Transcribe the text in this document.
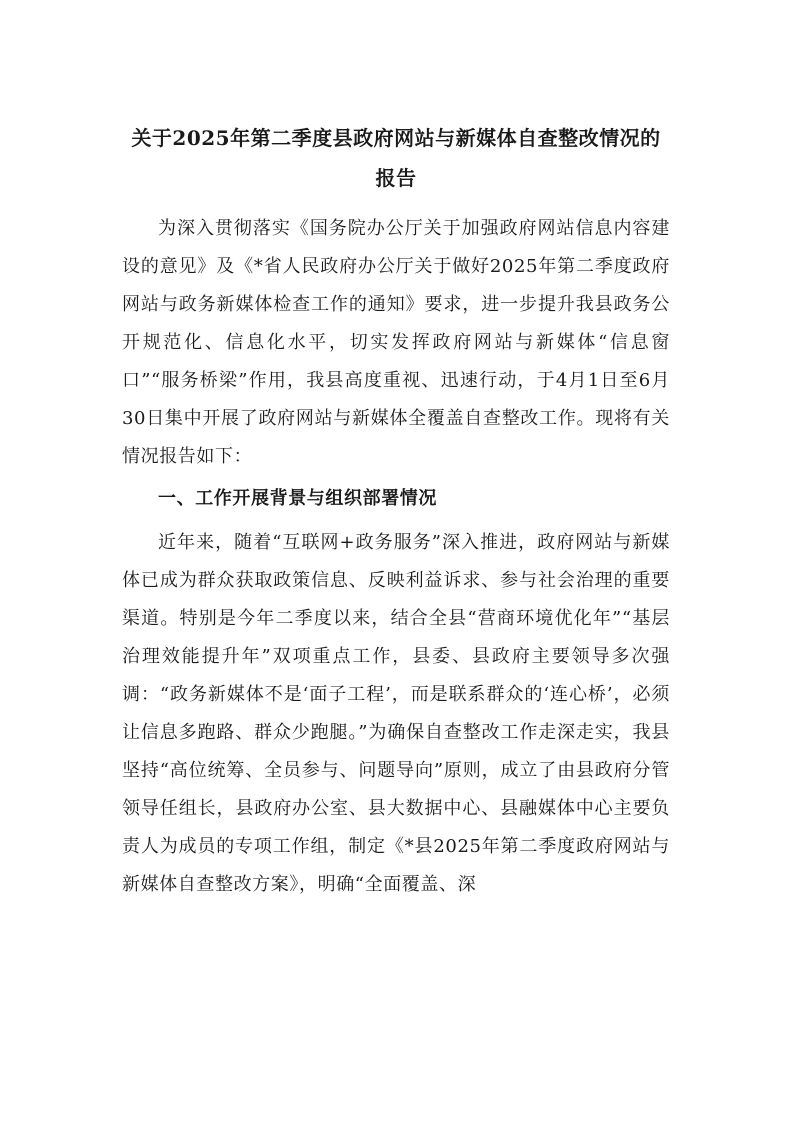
关于2025年第二季度县政府网站与新媒体自查整改情况的
报告

为深入贯彻落实《国务院办公厅关于加强政府网站信息内容建设的意见》及《*省人民政府办公厅关于做好2025年第二季度政府网站与政务新媒体检查工作的通知》要求，进一步提升我县政务公开规范化、信息化水平，切实发挥政府网站与新媒体“信息窗口”“服务桥梁”作用，我县高度重视、迅速行动，于4月1日至6月30日集中开展了政府网站与新媒体全覆盖自查整改工作。现将有关情况报告如下：

一、工作开展背景与组织部署情况

近年来，随着“互联网+政务服务”深入推进，政府网站与新媒体已成为群众获取政策信息、反映利益诉求、参与社会治理的重要渠道。特别是今年二季度以来，结合全县“营商环境优化年”“基层治理效能提升年”双项重点工作，县委、县政府主要领导多次强调：“政务新媒体不是‘面子工程’，而是联系群众的‘连心桥’，必须让信息多跑路、群众少跑腿。”为确保自查整改工作走深走实，我县坚持“高位统筹、全员参与、问题导向”原则，成立了由县政府分管领导任组长，县政府办公室、县大数据中心、县融媒体中心主要负责人为成员的专项工作组，制定《*县2025年第二季度政府网站与新媒体自查整改方案》，明确“全面覆盖、深
